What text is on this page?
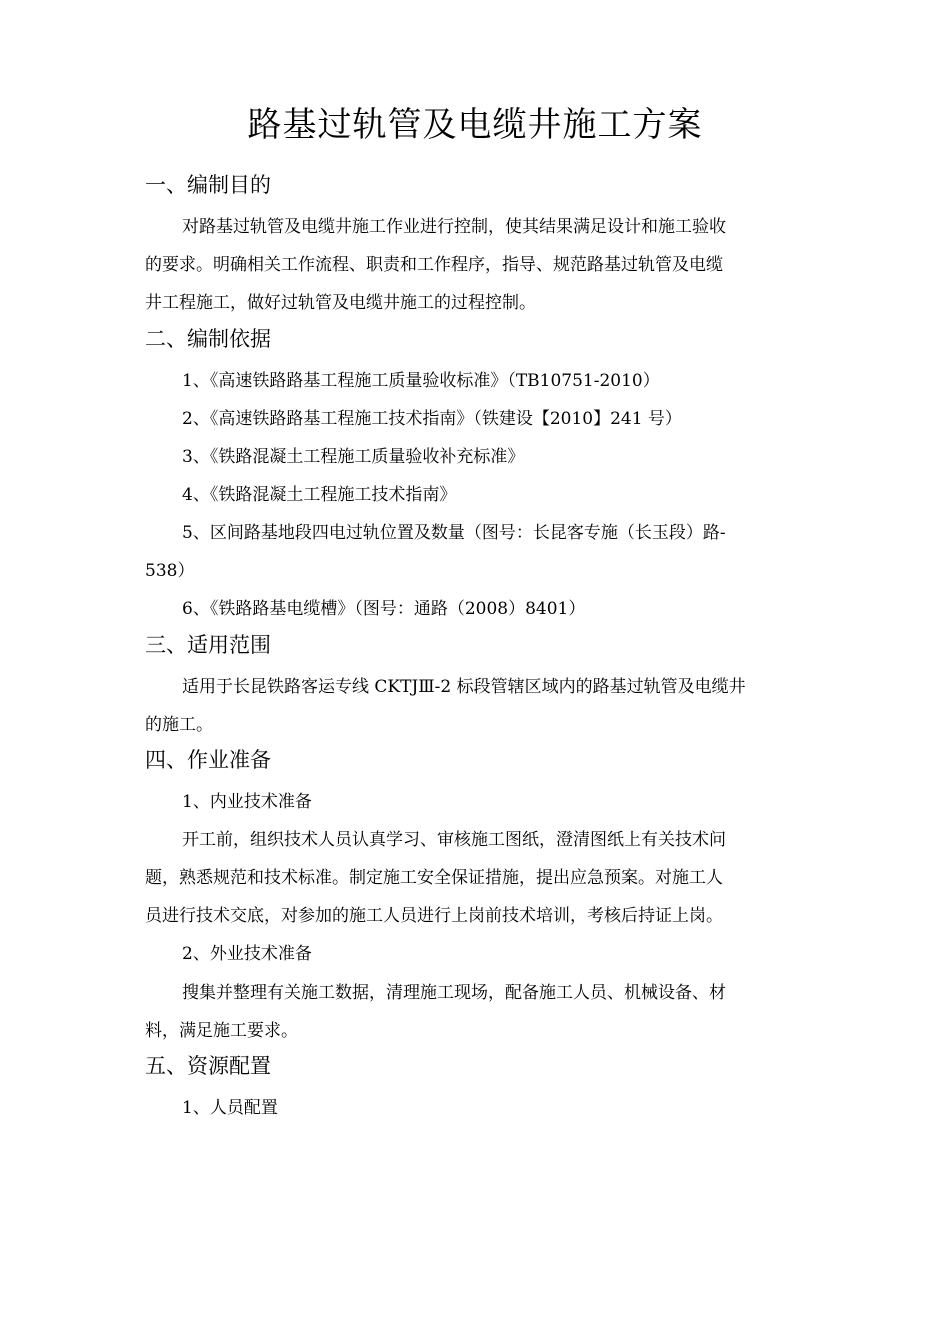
路基过轨管及电缆井施工方案
一、编制目的
对路基过轨管及电缆井施工作业进行控制，使其结果满足设计和施工验收
的要求。明确相关工作流程、职责和工作程序，指导、规范路基过轨管及电缆
井工程施工，做好过轨管及电缆井施工的过程控制。
二、编制依据
1、《高速铁路路基工程施工质量验收标准》（TB10751-2010）
2、《高速铁路路基工程施工技术指南》（铁建设【2010】241 号）
3、《铁路混凝土工程施工质量验收补充标准》
4、《铁路混凝土工程施工技术指南》
5、区间路基地段四电过轨位置及数量（图号：长昆客专施（长玉段）路-
538）
6、《铁路路基电缆槽》（图号：通路（2008）8401）
三、适用范围
适用于长昆铁路客运专线 CKTJⅢ-2 标段管辖区域内的路基过轨管及电缆井
的施工。
四、作业准备
1、内业技术准备
开工前，组织技术人员认真学习、审核施工图纸，澄清图纸上有关技术问
题，熟悉规范和技术标准。制定施工安全保证措施，提出应急预案。对施工人
员进行技术交底，对参加的施工人员进行上岗前技术培训，考核后持证上岗。
2、外业技术准备
搜集并整理有关施工数据，清理施工现场，配备施工人员、机械设备、材
料，满足施工要求。
五、资源配置
1、人员配置
